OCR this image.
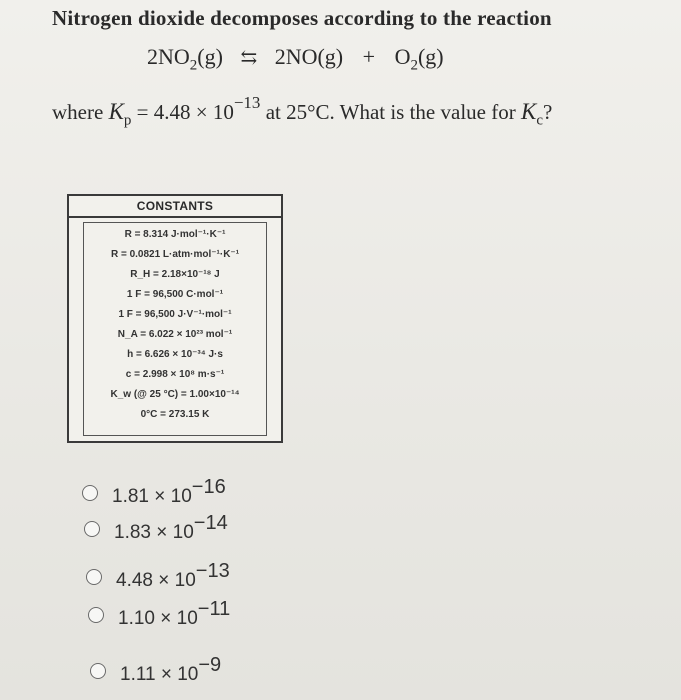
Nitrogen dioxide decomposes according to the reaction
$2NO_2(g)$ ⇆ $2NO(g) + O_2(g)$
where $K_p = 4.48 \times 10^{-13}$ at 25°C. What is the value for $K_c$?
CONSTANTS
R = 8.314 J·mol⁻¹·K⁻¹
R = 0.0821 L·atm·mol⁻¹·K⁻¹
R_H = 2.18×10⁻¹⁸ J
1 F = 96,500 C·mol⁻¹
1 F = 96,500 J·V⁻¹·mol⁻¹
N_A = 6.022 × 10²³ mol⁻¹
h = 6.626 × 10⁻³⁴ J·s
c = 2.998 × 10⁸ m·s⁻¹
K_w (@ 25 °C) = 1.00×10⁻¹⁴
0°C = 273.15 K
$1.81 \times 10^{-16}$
$1.83 \times 10^{-14}$
$4.48 \times 10^{-13}$
$1.10 \times 10^{-11}$
$1.11 \times 10^{-9}$
